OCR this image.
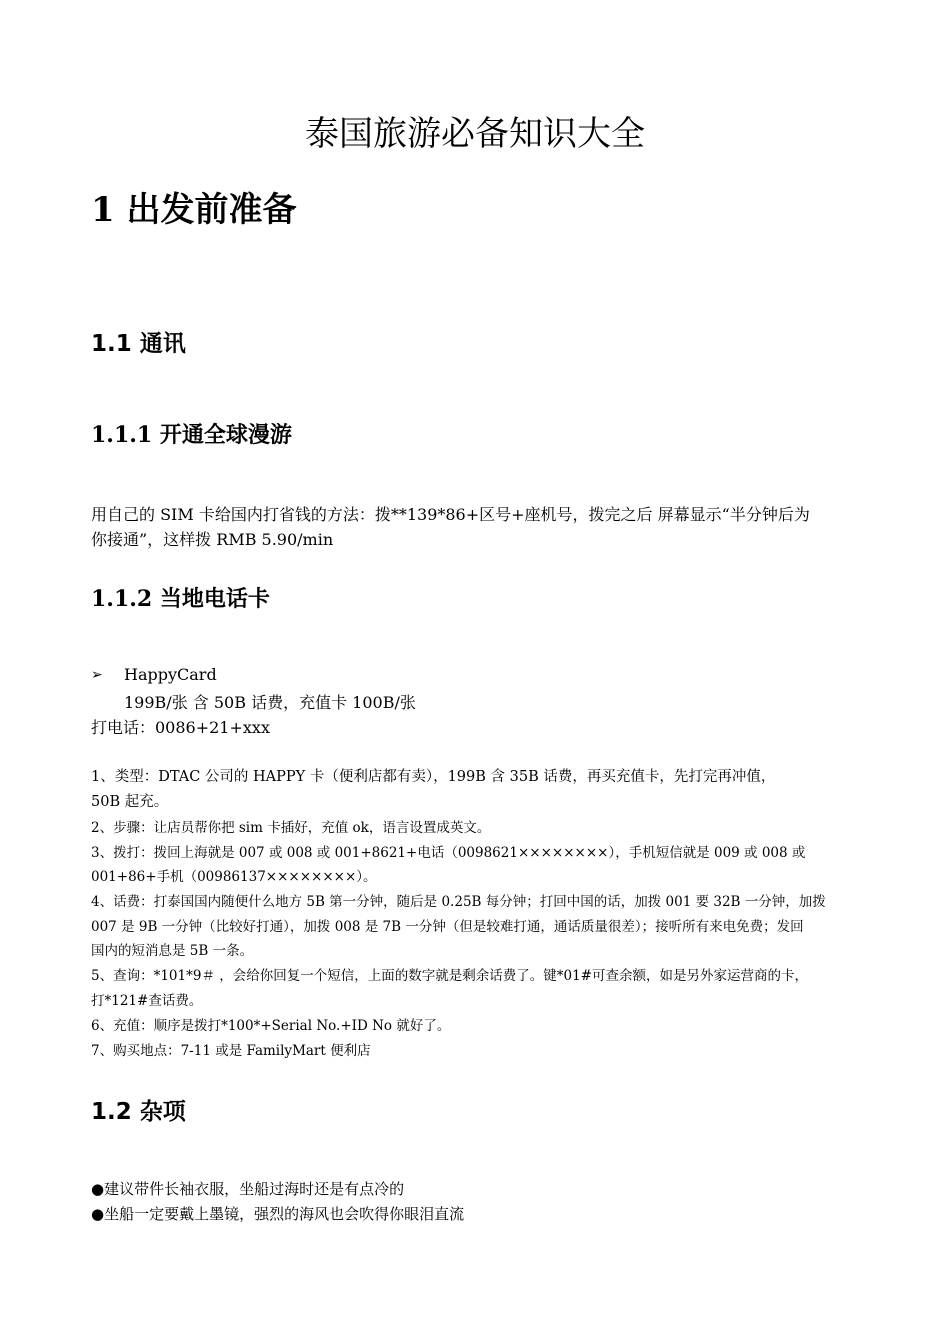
泰国旅游必备知识大全
1 出发前准备
1.1 通讯
1.1.1 开通全球漫游
用自己的 SIM 卡给国内打省钱的方法：拨**139*86+区号+座机号，拨完之后 屏幕显示“半分钟后为
你接通”，这样拨 RMB 5.90/min
1.1.2 当地电话卡
➢ HappyCard
199B/张 含 50B 话费，充值卡 100B/张
打电话：0086+21+xxx
1、类型：DTAC 公司的 HAPPY 卡（便利店都有卖），199B 含 35B 话费，再买充值卡，先打完再冲值，
50B 起充。
2、步骤：让店员帮你把 sim 卡插好，充值 ok，语言设置成英文。
3、拨打：拨回上海就是 007 或 008 或 001+8621+电话（0098621××××××××），手机短信就是 009 或 008 或
001+86+手机（00986137××××××××）。
4、话费：打泰国国内随便什么地方 5B 第一分钟，随后是 0.25B 每分钟；打回中国的话，加拨 001 要 32B 一分钟，加拨
007 是 9B 一分钟（比较好打通），加拨 008 是 7B 一分钟（但是较难打通，通话质量很差）；接听所有来电免费；发回
国内的短消息是 5B 一条。
5、查询：*101*9＃ ，会给你回复一个短信，上面的数字就是剩余话费了。键*01#可查余额，如是另外家运营商的卡，
打*121#查话费。
6、充值：顺序是拨打*100*+Serial No.+ID No 就好了。
7、购买地点：7-11 或是 FamilyMart 便利店
1.2 杂项
●建议带件长袖衣服，坐船过海时还是有点冷的
●坐船一定要戴上墨镜，强烈的海风也会吹得你眼泪直流
